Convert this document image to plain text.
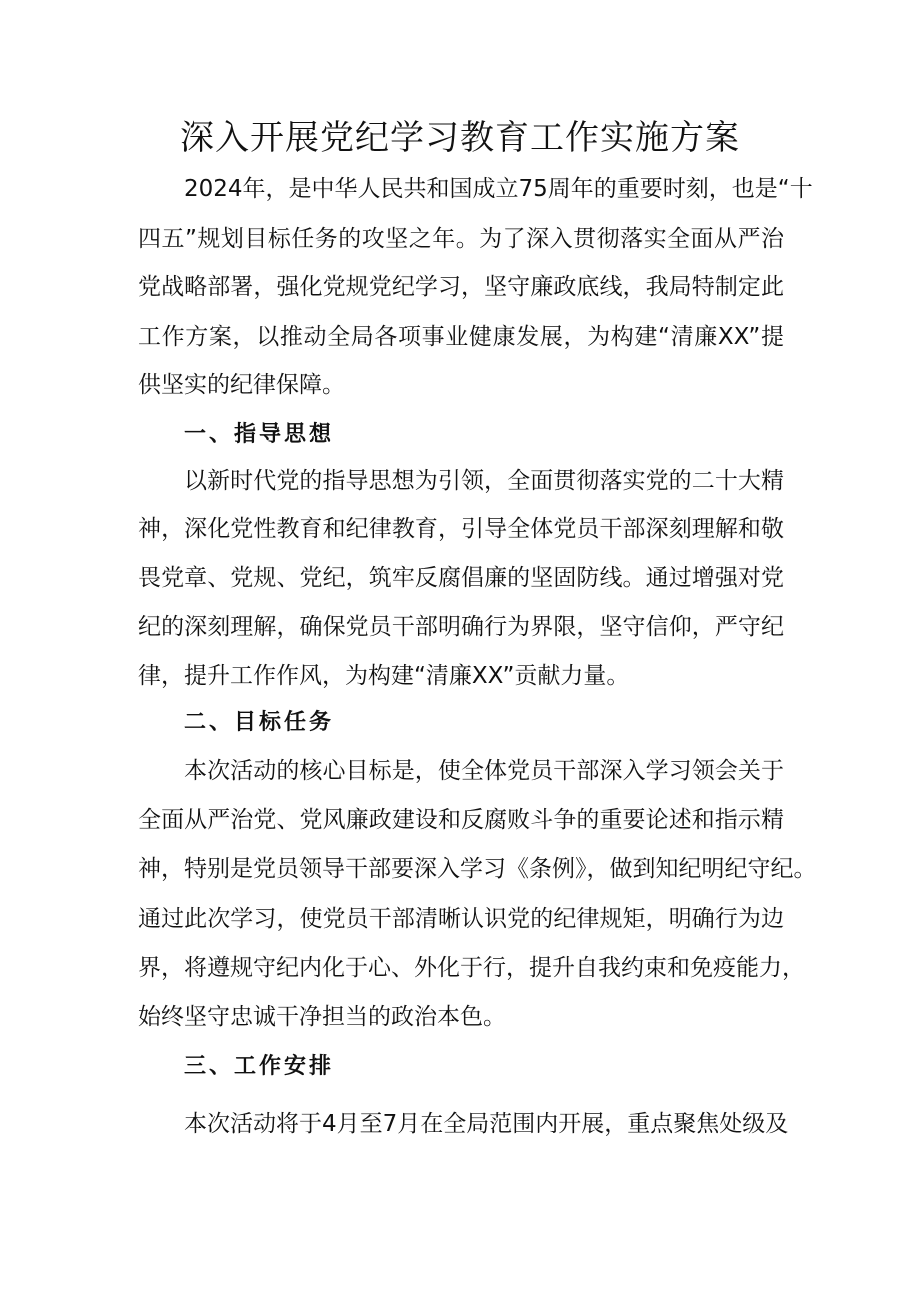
深入开展党纪学习教育工作实施方案
2024年，是中华人民共和国成立75周年的重要时刻，也是“十
四五”规划目标任务的攻坚之年。为了深入贯彻落实全面从严治
党战略部署，强化党规党纪学习，坚守廉政底线，我局特制定此
工作方案，以推动全局各项事业健康发展，为构建“清廉XX”提
供坚实的纪律保障。
一、指导思想
以新时代党的指导思想为引领，全面贯彻落实党的二十大精
神，深化党性教育和纪律教育，引导全体党员干部深刻理解和敬
畏党章、党规、党纪，筑牢反腐倡廉的坚固防线。通过增强对党
纪的深刻理解，确保党员干部明确行为界限，坚守信仰，严守纪
律，提升工作作风，为构建“清廉XX”贡献力量。
二、目标任务
本次活动的核心目标是，使全体党员干部深入学习领会关于
全面从严治党、党风廉政建设和反腐败斗争的重要论述和指示精
神，特别是党员领导干部要深入学习《条例》，做到知纪明纪守纪。
通过此次学习，使党员干部清晰认识党的纪律规矩，明确行为边
界，将遵规守纪内化于心、外化于行，提升自我约束和免疫能力，
始终坚守忠诚干净担当的政治本色。
三、工作安排
本次活动将于4月至7月在全局范围内开展，重点聚焦处级及
